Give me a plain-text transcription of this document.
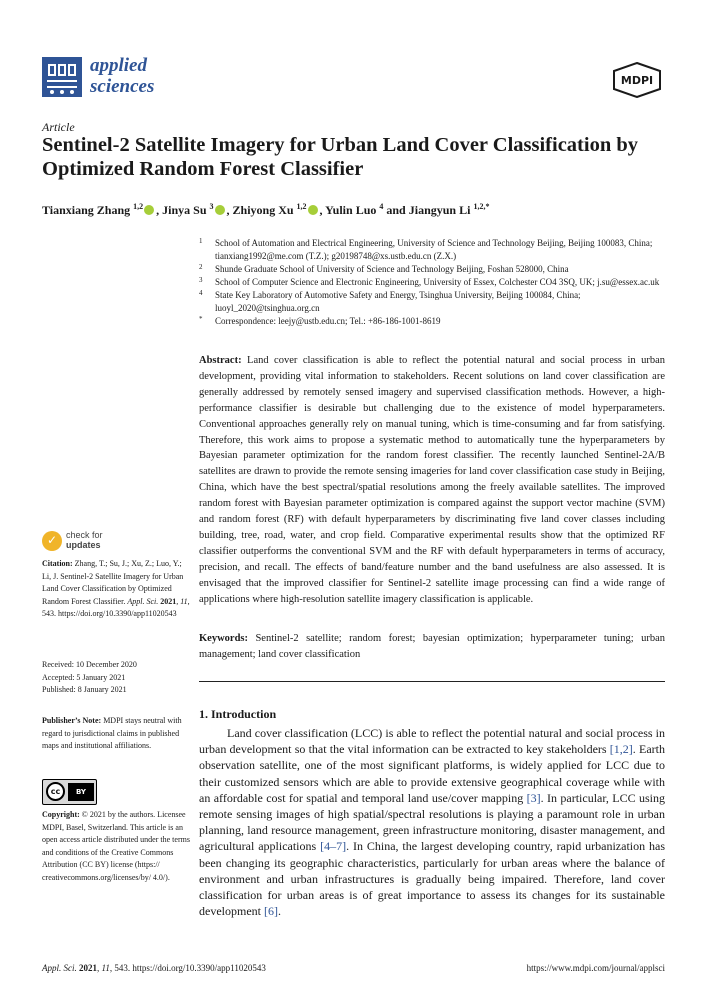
applied
sciences	MDPI
Article
Sentinel-2 Satellite Imagery for Urban Land Cover Classification by Optimized Random Forest Classifier
Tianxiang Zhang $^{1,2}$ , Jinya Su $^3$ , Zhiyong Xu $^{1,2}$ , Yulin Luo $^4$ and Jiangyun Li $^{1,2,*}$
1 School of Automation and Electrical Engineering, University of Science and Technology Beijing, Beijing 100083, China; tianxiang1992@me.com (T.Z.); g20198748@xs.ustb.edu.cn (Z.X.)
2 Shunde Graduate School of University of Science and Technology Beijing, Foshan 528000, China
3 School of Computer Science and Electronic Engineering, University of Essex, Colchester CO4 3SQ, UK; j.su@essex.ac.uk
4 State Key Laboratory of Automotive Safety and Energy, Tsinghua University, Beijing 100084, China; luoyl_2020@tsinghua.org.cn
* Correspondence: leejy@ustb.edu.cn; Tel.: +86-186-1001-8619
✓ check for
updates
Citation: Zhang, T.; Su, J.; Xu, Z.; Luo, Y.; Li, J. Sentinel-2 Satellite Imagery for Urban Land Cover Classification by Optimized Random Forest Classifier. Appl. Sci. 2021, 11, 543. https://doi.org/10.3390/app11020543
Received: 10 December 2020
Accepted: 5 January 2021
Published: 8 January 2021
Publisher’s Note: MDPI stays neutral with regard to jurisdictional claims in published maps and institutional affiliations.
cc	BY
Copyright: © 2021 by the authors. Licensee MDPI, Basel, Switzerland. This article is an open access article distributed under the terms and conditions of the Creative Commons Attribution (CC BY) license (https:// creativecommons.org/licenses/by/ 4.0/).
Abstract: Land cover classification is able to reflect the potential natural and social process in urban development, providing vital information to stakeholders. Recent solutions on land cover classification are generally addressed by remotely sensed imagery and supervised classification methods. However, a high-performance classifier is desirable but challenging due to the existence of model hyperparameters. Conventional approaches generally rely on manual tuning, which is time-consuming and far from satisfying. Therefore, this work aims to propose a systematic method to automatically tune the hyperparameters by Bayesian parameter optimization for the random forest classifier. The recently launched Sentinel-2A/B satellites are drawn to provide the remote sensing imageries for land cover classification case study in Beijing, China, which have the best spectral/spatial resolutions among the freely available satellites. The improved random forest with Bayesian parameter optimization is compared against the support vector machine (SVM) and random forest (RF) with default hyperparameters by discriminating five land cover classes including building, tree, road, water, and crop field. Comparative experimental results show that the optimized RF classifier outperforms the conventional SVM and the RF with default hyperparameters in terms of accuracy, precision, and recall. The effects of band/feature number and the band usefulness are also assessed. It is envisaged that the improved classifier for Sentinel-2 satellite image processing can find a wide range of applications where high-resolution satellite imagery classification is applicable.
Keywords: Sentinel-2 satellite; random forest; bayesian optimization; hyperparameter tuning; urban management; land cover classification
1. Introduction
Land cover classification (LCC) is able to reflect the potential natural and social process in urban development so that the vital information can be extracted to key stakeholders [1,2]. Earth observation satellite, one of the most significant platforms, is widely applied for LCC due to their customized sensors which are able to provide extensive geographical coverage while with an affordable cost for spatial and temporal land use/cover mapping [3]. In particular, LCC using remote sensing images of high spatial/spectral resolutions is playing a paramount role in urban planning, land resource management, green infrastructure monitoring, disaster management, and agricultural applications [4–7]. In China, the largest developing country, rapid urbanization has been changing its geographic characteristics, particularly for urban areas where the balance of environment and urban infrastructures is gradually being impaired. Therefore, land cover classification for urban areas is of great importance to assess its changes for its sustainable development [6].
Appl. Sci. 2021, 11, 543. https://doi.org/10.3390/app11020543	https://www.mdpi.com/journal/applsci
